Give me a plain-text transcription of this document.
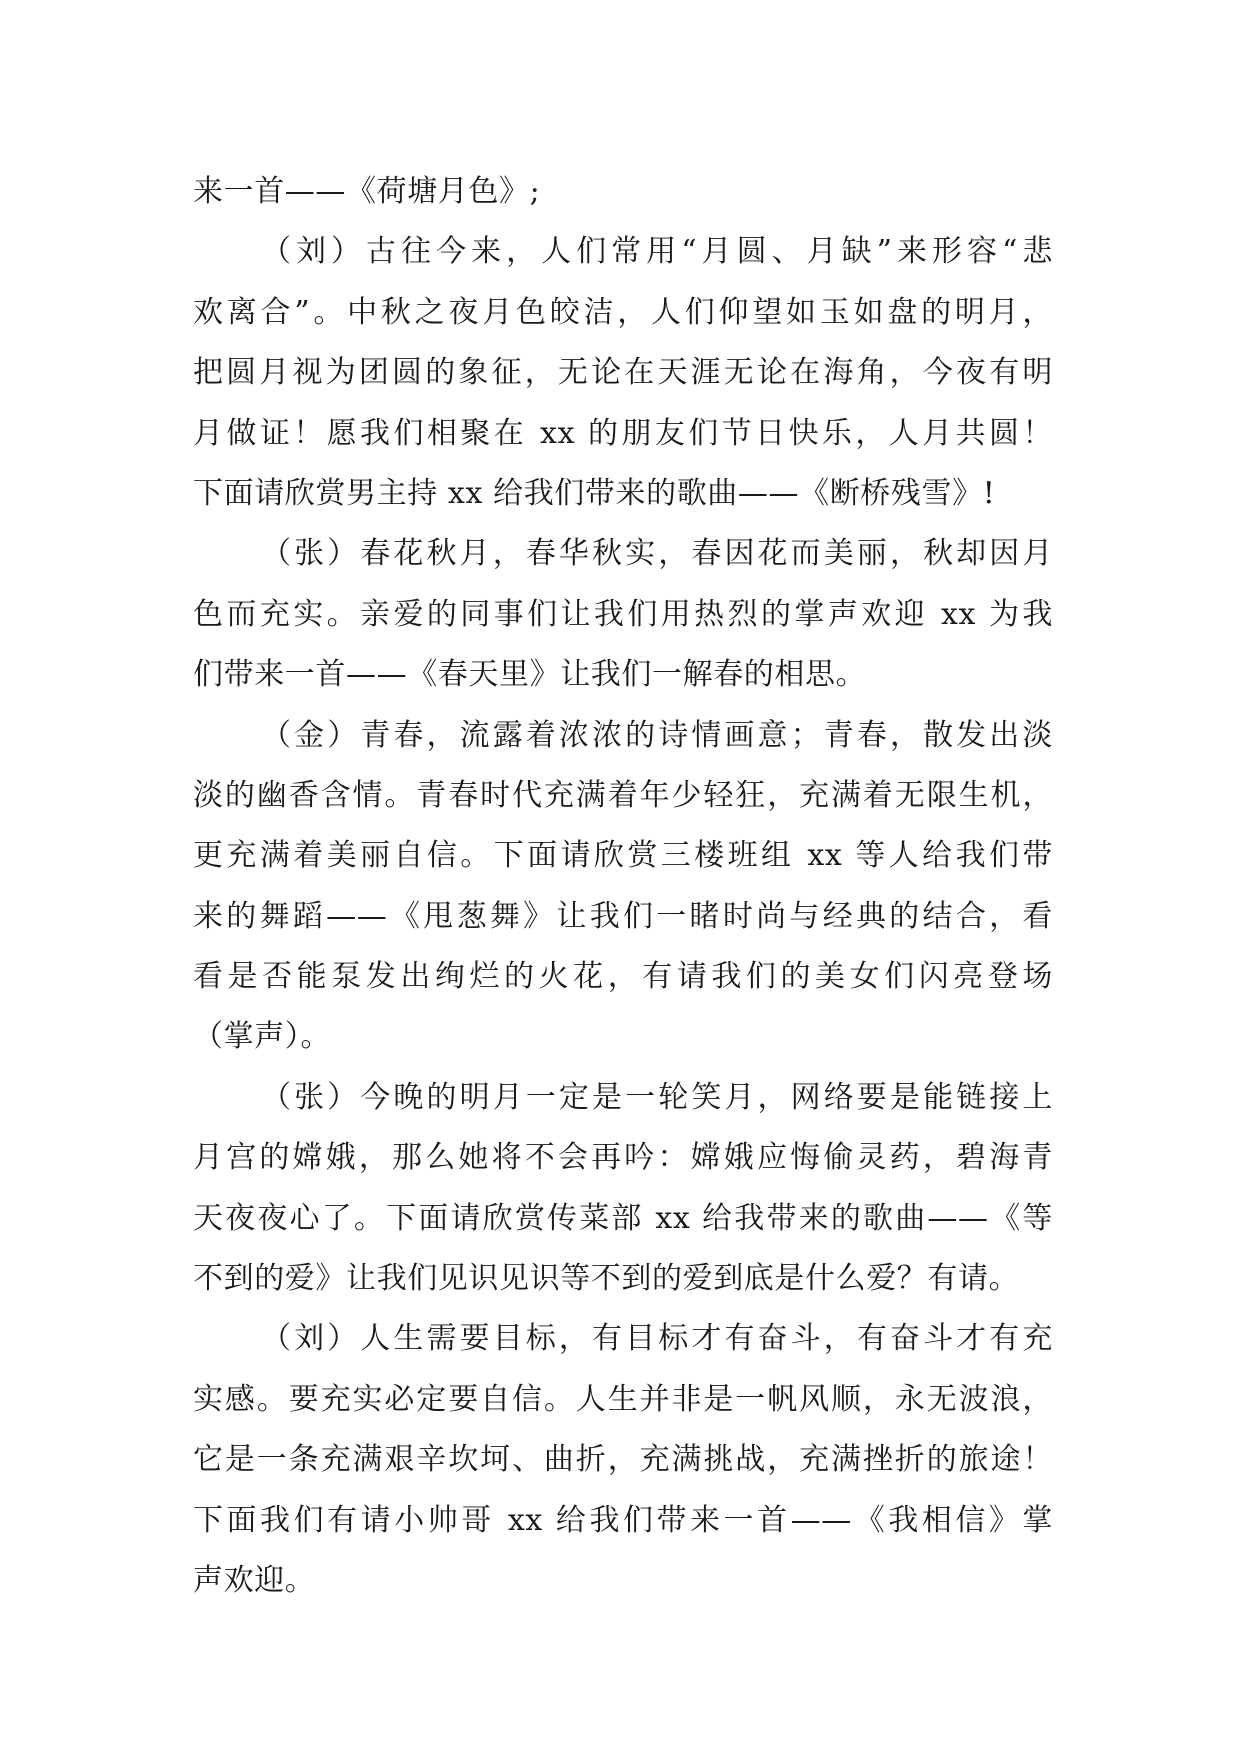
来一首——《荷塘月色》;
（刘）古往今来，人们常用“月圆、月缺”来形容“悲
欢离合”。中秋之夜月色皎洁，人们仰望如玉如盘的明月，
把圆月视为团圆的象征，无论在天涯无论在海角，今夜有明
月做证！愿我们相聚在 xx 的朋友们节日快乐，人月共圆！
下面请欣赏男主持 xx 给我们带来的歌曲——《断桥残雪》!
（张）春花秋月，春华秋实，春因花而美丽，秋却因月
色而充实。亲爱的同事们让我们用热烈的掌声欢迎 xx 为我
们带来一首——《春天里》让我们一解春的相思。
（金）青春，流露着浓浓的诗情画意；青春，散发出淡
淡的幽香含情。青春时代充满着年少轻狂，充满着无限生机，
更充满着美丽自信。下面请欣赏三楼班组 xx 等人给我们带
来的舞蹈——《甩葱舞》让我们一睹时尚与经典的结合，看
看是否能泵发出绚烂的火花，有请我们的美女们闪亮登场
（掌声）。
（张）今晚的明月一定是一轮笑月，网络要是能链接上
月宫的嫦娥，那么她将不会再吟：嫦娥应悔偷灵药，碧海青
天夜夜心了。下面请欣赏传菜部 xx 给我带来的歌曲——《等
不到的爱》让我们见识见识等不到的爱到底是什么爱？有请。
（刘）人生需要目标，有目标才有奋斗，有奋斗才有充
实感。要充实必定要自信。人生并非是一帆风顺，永无波浪，
它是一条充满艰辛坎坷、曲折，充满挑战，充满挫折的旅途！
下面我们有请小帅哥 xx 给我们带来一首——《我相信》掌
声欢迎。
